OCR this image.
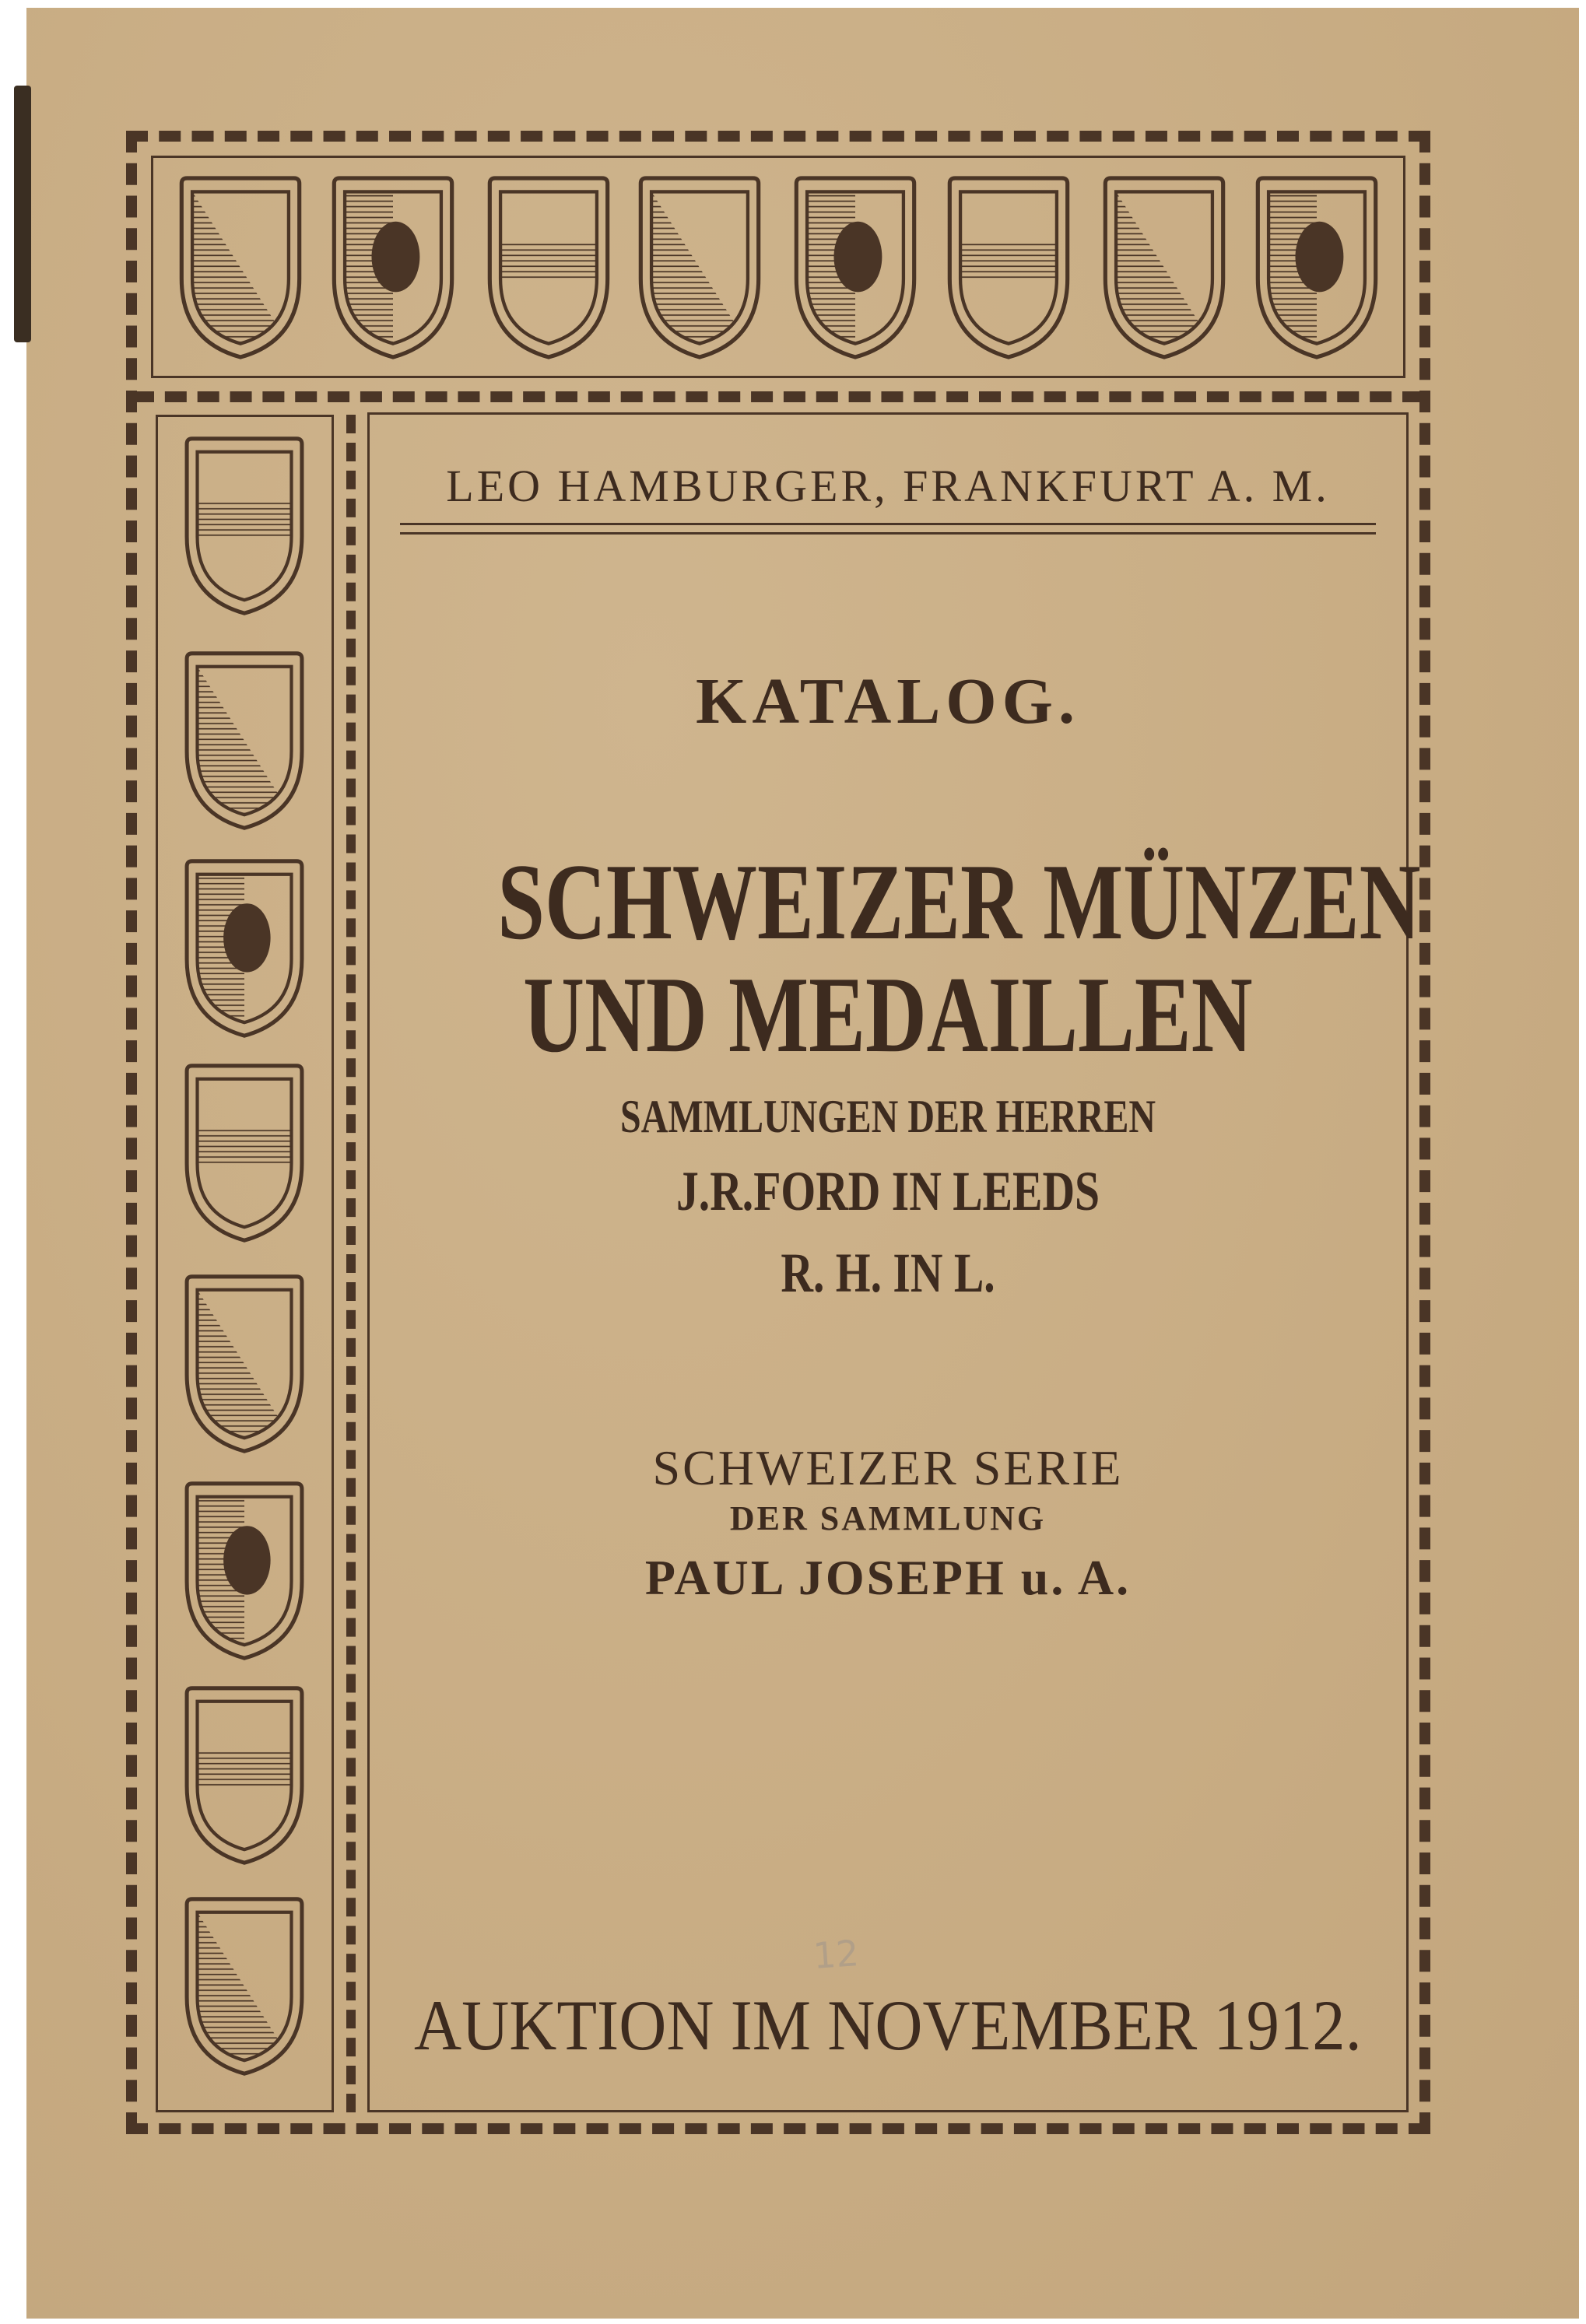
LEO HAMBURGER, FRANKFURT A. M.
KATALOG.
SCHWEIZER MÜNZEN
UND MEDAILLEN
SAMMLUNGEN DER HERREN
J.R.FORD IN LEEDS
R. H. IN L.
SCHWEIZER SERIE
DER SAMMLUNG
PAUL JOSEPH u. A.
AUKTION IM NOVEMBER 1912.
12
